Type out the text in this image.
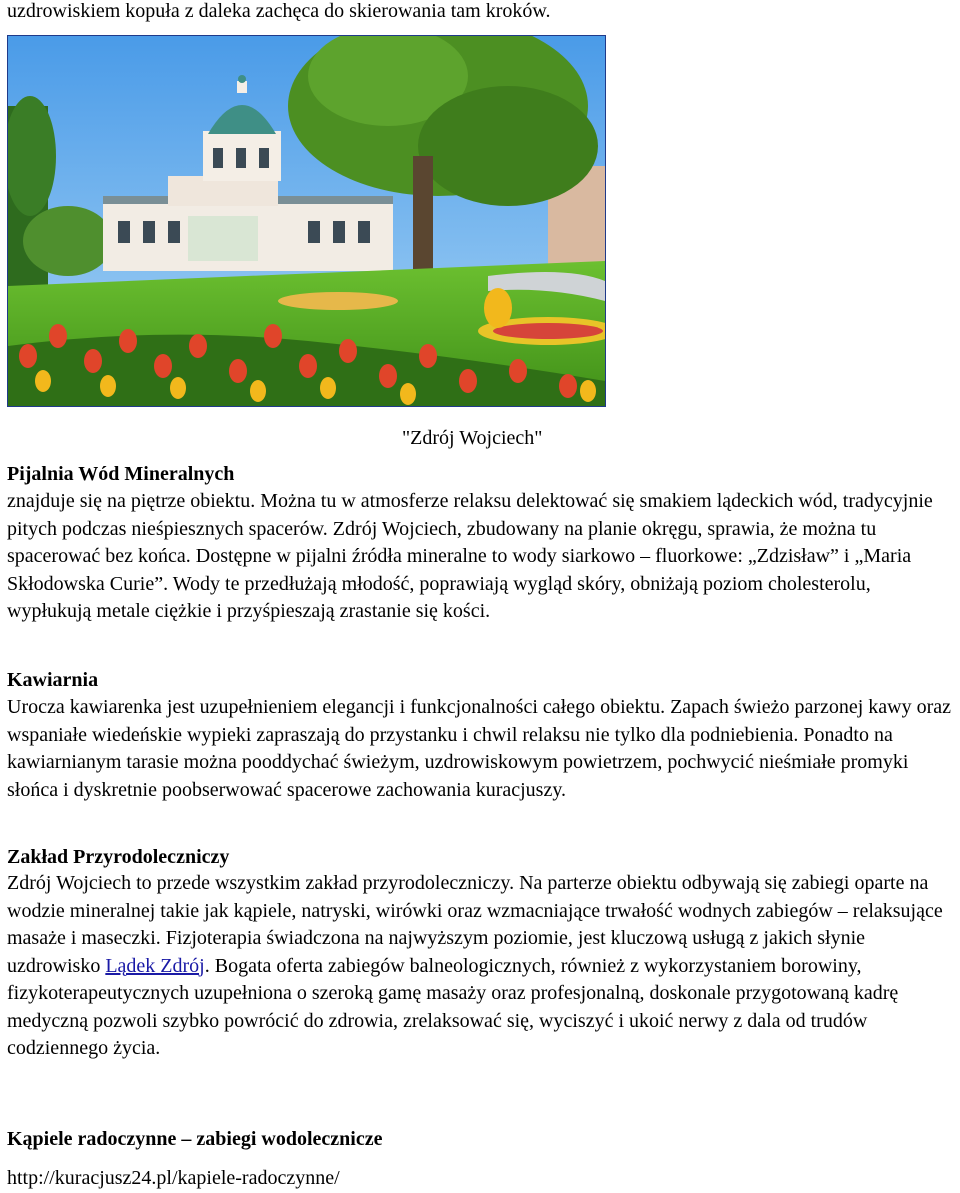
uzdrowiskiem kopuła z daleka zachęca do skierowania tam kroków.
"Zdrój Wojciech"
Pijalnia Wód Mineralnych
znajduje się na piętrze obiektu. Można tu w atmosferze relaksu delektować się smakiem lądeckich wód, tradycyjnie pitych podczas nieśpiesznych spacerów. Zdrój Wojciech, zbudowany na planie okręgu, sprawia, że można tu spacerować bez końca. Dostępne w pijalni źródła mineralne to wody siarkowo – fluorkowe: „Zdzisław” i „Maria Skłodowska Curie”. Wody te przedłużają młodość, poprawiają wygląd skóry, obniżają poziom cholesterolu, wypłukują metale ciężkie i przyśpieszają zrastanie się kości.
Kawiarnia
Urocza kawiarenka jest uzupełnieniem elegancji i funkcjonalności całego obiektu. Zapach świeżo parzonej kawy oraz wspaniałe wiedeńskie wypieki zapraszają do przystanku i chwil relaksu nie tylko dla podniebienia. Ponadto na kawiarnianym tarasie można pooddychać świeżym, uzdrowiskowym powietrzem, pochwycić nieśmiałe promyki słońca i dyskretnie poobserwować spacerowe zachowania kuracjuszy.
Zakład Przyrodoleczniczy
Zdrój Wojciech to przede wszystkim zakład przyrodoleczniczy. Na parterze obiektu odbywają się zabiegi oparte na wodzie mineralnej takie jak kąpiele, natryski, wirówki oraz wzmacniające trwałość wodnych zabiegów – relaksujące masaże i maseczki. Fizjoterapia świadczona na najwyższym poziomie, jest kluczową usługą z jakich słynie uzdrowisko Lądek Zdrój. Bogata oferta zabiegów balneologicznych, również z wykorzystaniem borowiny, fizykoterapeutycznych uzupełniona o szeroką gamę masaży oraz profesjonalną, doskonale przygotowaną kadrę medyczną pozwoli szybko powrócić do zdrowia, zrelaksować się, wyciszyć i ukoić nerwy z dala od trudów codziennego życia.
Kąpiele radoczynne – zabiegi wodolecznicze
http://kuracjusz24.pl/kapiele-radoczynne/
